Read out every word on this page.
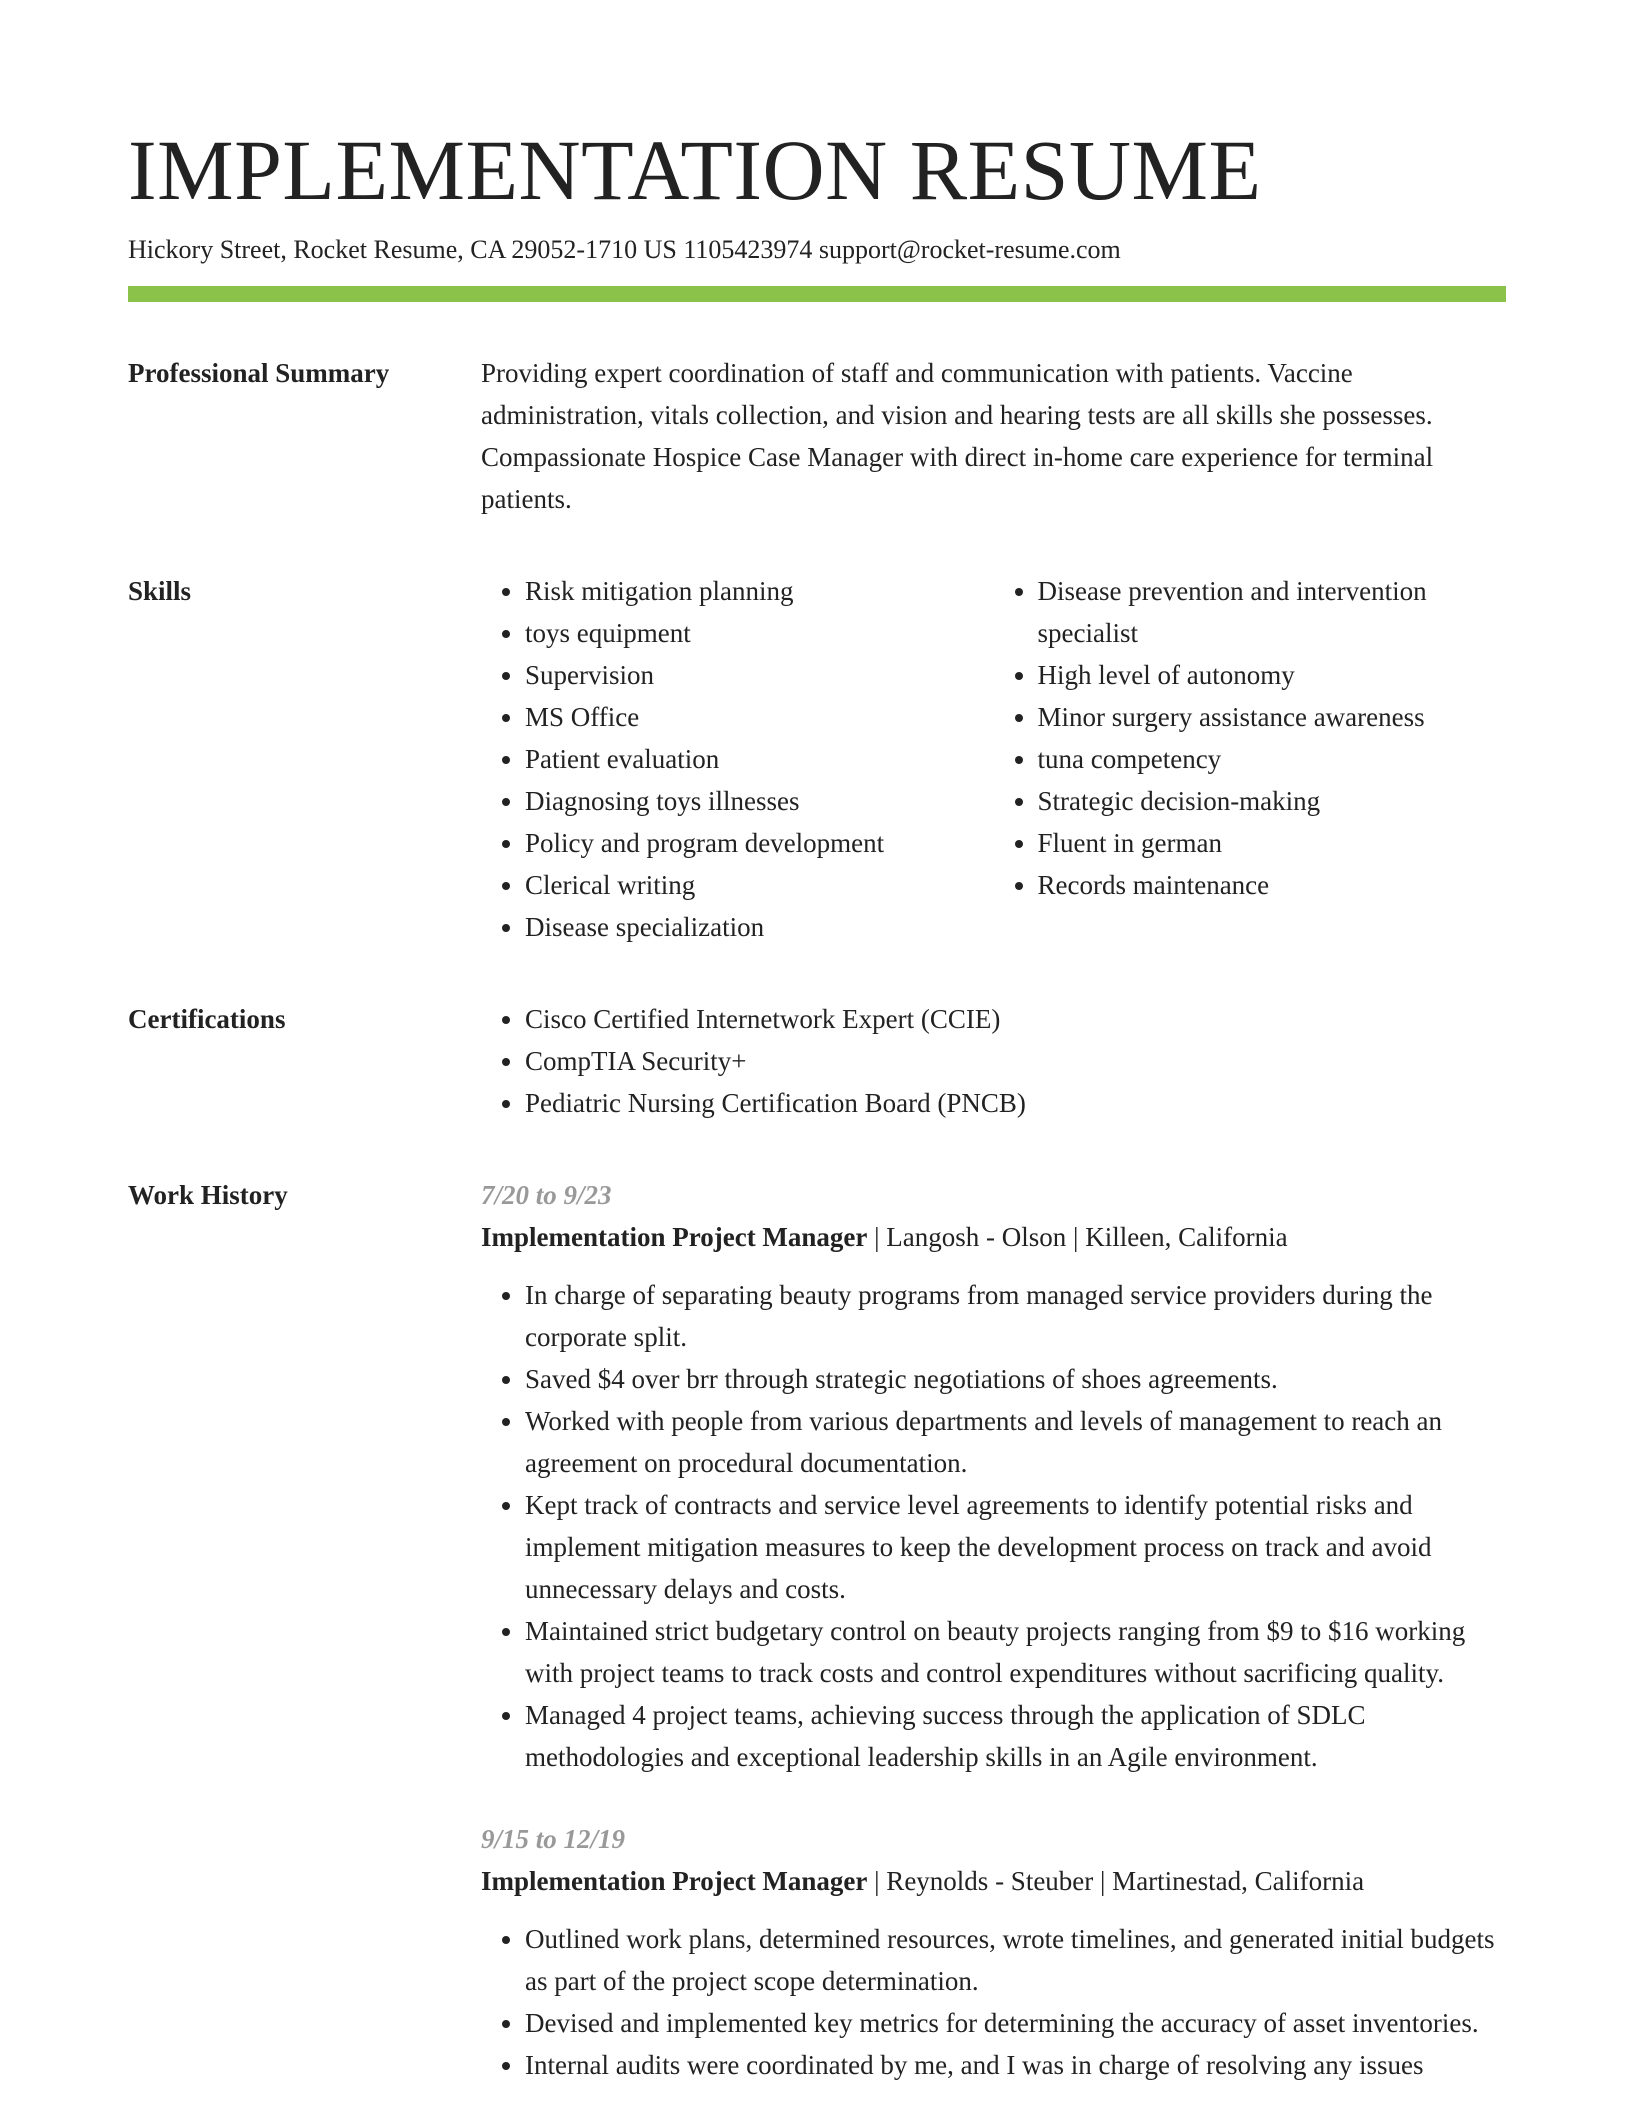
IMPLEMENTATION RESUME
Hickory Street, Rocket Resume, CA 29052-1710 US 1105423974 support@rocket-resume.com
Professional Summary	Providing expert coordination of staff and communication with patients. Vaccine administration, vitals collection, and vision and hearing tests are all skills she possesses. Compassionate Hospice Case Manager with direct in-home care experience for terminal patients.

Skills	• Risk mitigation planning
• toys equipment
• Supervision
• MS Office
• Patient evaluation
• Diagnosing toys illnesses
• Policy and program development
• Clerical writing
• Disease specialization
• Disease prevention and intervention specialist
• High level of autonomy
• Minor surgery assistance awareness
• tuna competency
• Strategic decision-making
• Fluent in german
• Records maintenance
Certifications	• Cisco Certified Internetwork Expert (CCIE)
• CompTIA Security+
• Pediatric Nursing Certification Board (PNCB)
Work History	7/20 to 9/23
Implementation Project Manager | Langosh - Olson | Killeen, California
• In charge of separating beauty programs from managed service providers during the corporate split.
• Saved $4 over brr through strategic negotiations of shoes agreements.
• Worked with people from various departments and levels of management to reach an agreement on procedural documentation.
• Kept track of contracts and service level agreements to identify potential risks and implement mitigation measures to keep the development process on track and avoid unnecessary delays and costs.
• Maintained strict budgetary control on beauty projects ranging from $9 to $16 working with project teams to track costs and control expenditures without sacrificing quality.
• Managed 4 project teams, achieving success through the application of SDLC methodologies and exceptional leadership skills in an Agile environment.
9/15 to 12/19
Implementation Project Manager | Reynolds - Steuber | Martinestad, California
• Outlined work plans, determined resources, wrote timelines, and generated initial budgets as part of the project scope determination.
• Devised and implemented key metrics for determining the accuracy of asset inventories.
• Internal audits were coordinated by me, and I was in charge of resolving any issues
